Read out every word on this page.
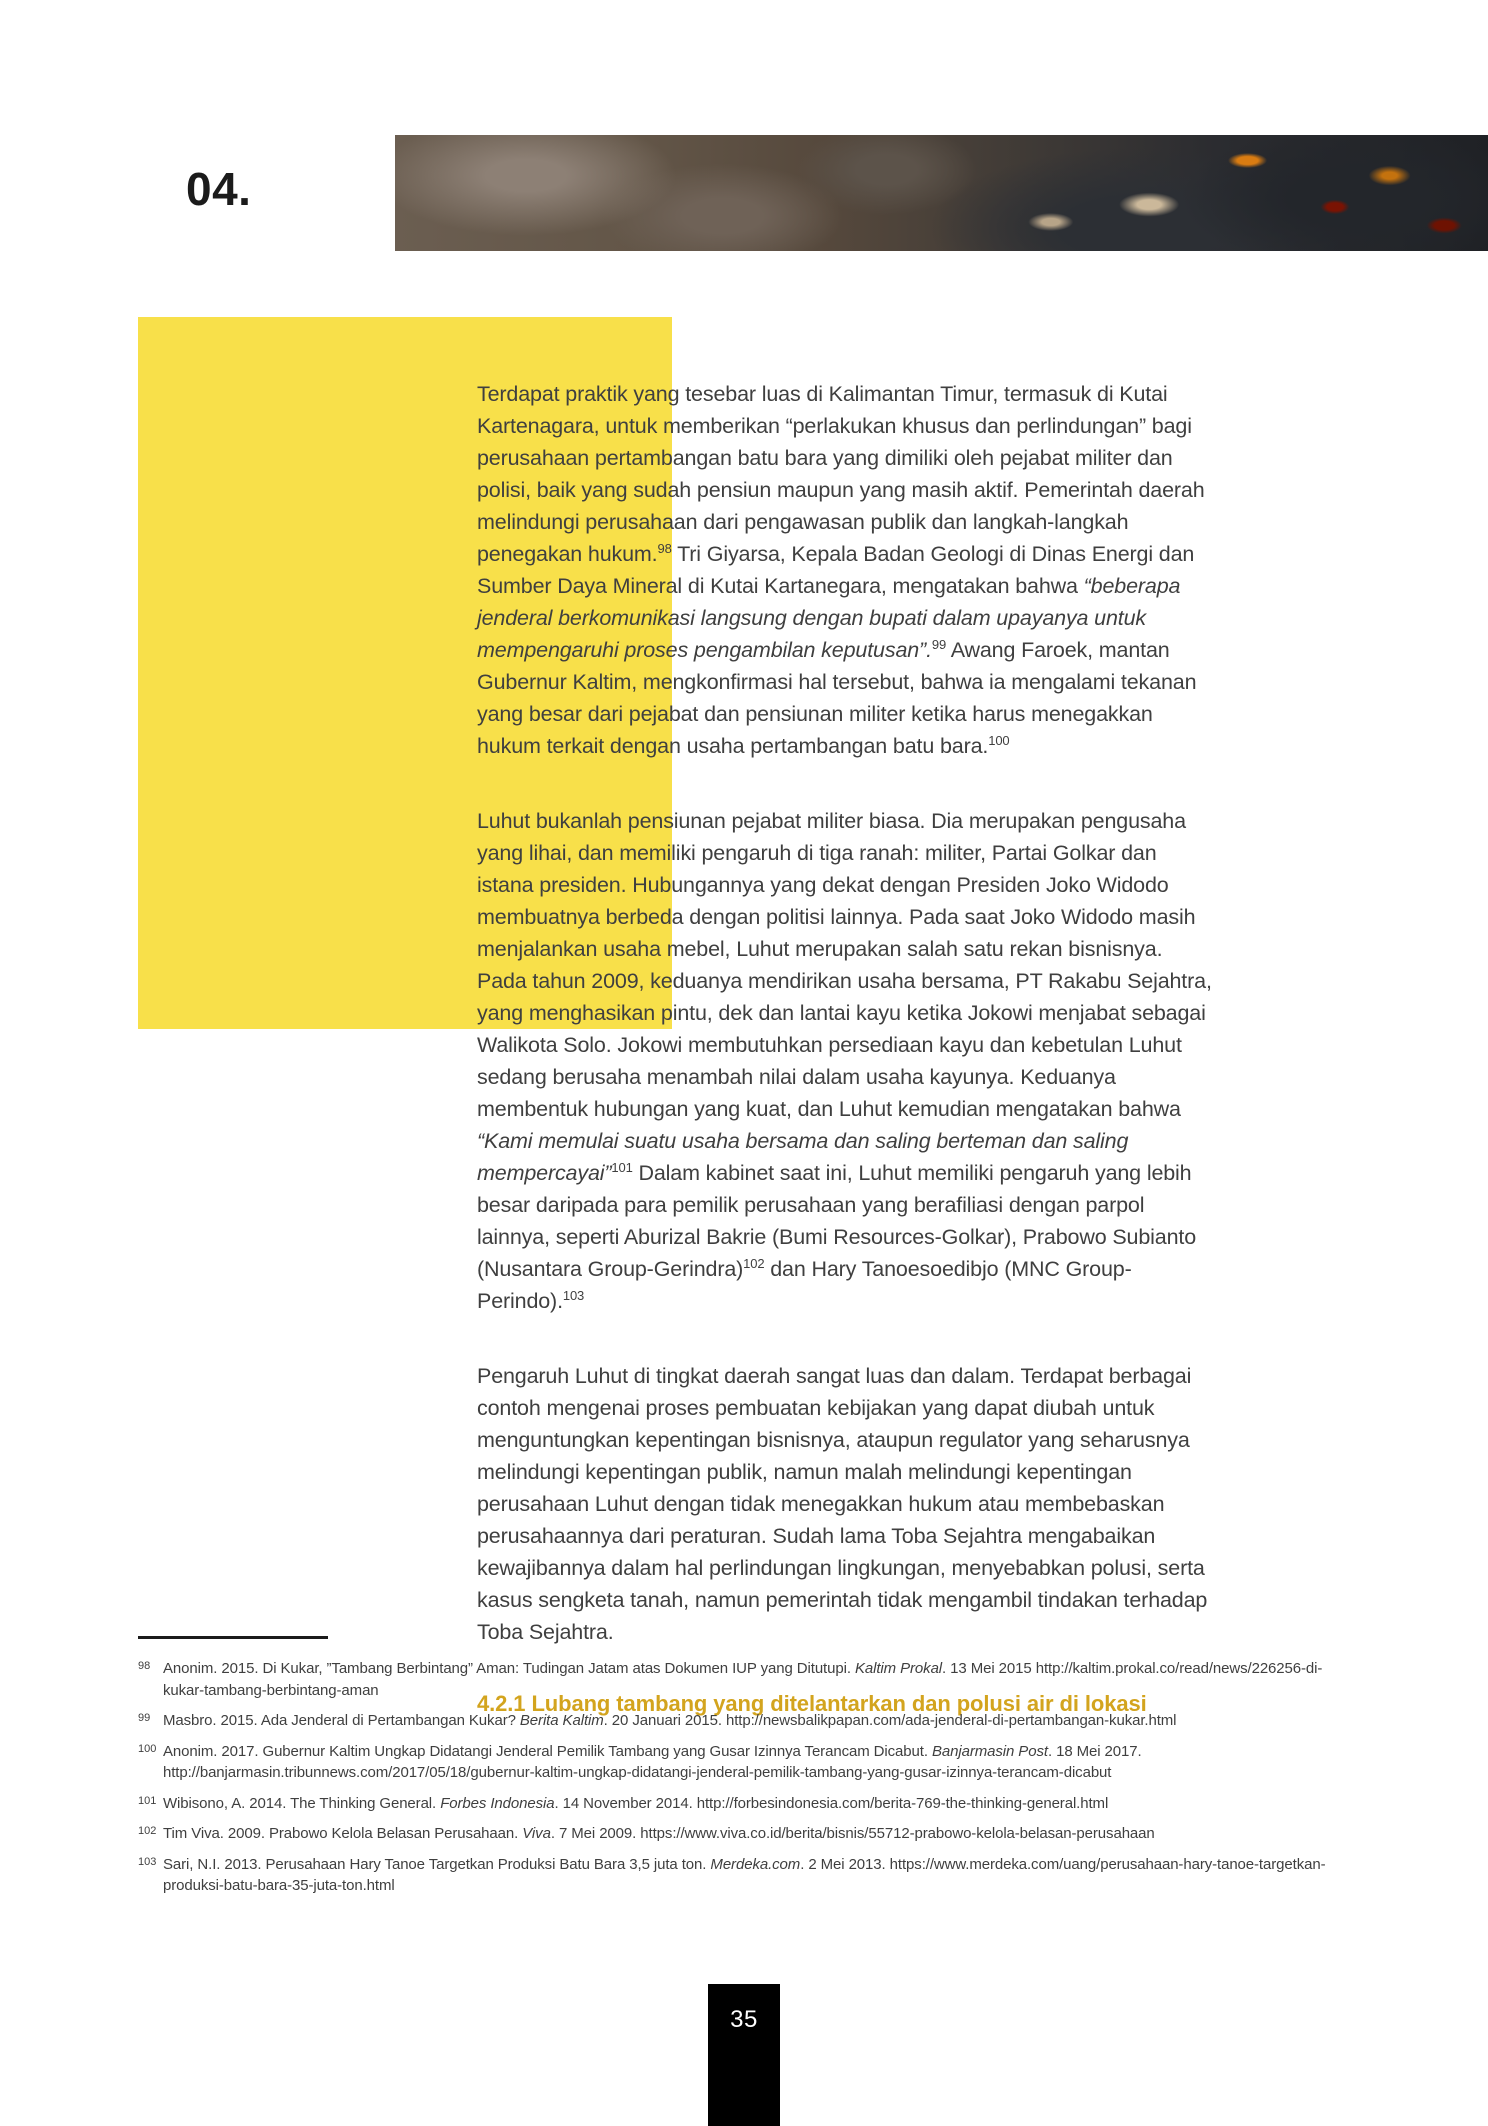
04.

Terdapat praktik yang tesebar luas di Kalimantan Timur, termasuk di Kutai Kartenagara, untuk memberikan “perlakukan khusus dan perlindungan” bagi perusahaan pertambangan batu bara yang dimiliki oleh pejabat militer dan polisi, baik yang sudah pensiun maupun yang masih aktif. Pemerintah daerah melindungi perusahaan dari pengawasan publik dan langkah-langkah penegakan hukum.$^{98}$ Tri Giyarsa, Kepala Badan Geologi di Dinas Energi dan Sumber Daya Mineral di Kutai Kartanegara, mengatakan bahwa “beberapa jenderal berkomunikasi langsung dengan bupati dalam upayanya untuk mempengaruhi proses pengambilan keputusan”.$^{99}$ Awang Faroek, mantan Gubernur Kaltim, mengkonfirmasi hal tersebut, bahwa ia mengalami tekanan yang besar dari pejabat dan pensiunan militer ketika harus menegakkan hukum terkait dengan usaha pertambangan batu bara.$^{100}$

Luhut bukanlah pensiunan pejabat militer biasa. Dia merupakan pengusaha yang lihai, dan memiliki pengaruh di tiga ranah: militer, Partai Golkar dan istana presiden. Hubungannya yang dekat dengan Presiden Joko Widodo membuatnya berbeda dengan politisi lainnya. Pada saat Joko Widodo masih menjalankan usaha mebel, Luhut merupakan salah satu rekan bisnisnya. Pada tahun 2009, keduanya mendirikan usaha bersama, PT Rakabu Sejahtra, yang menghasikan pintu, dek dan lantai kayu ketika Jokowi menjabat sebagai Walikota Solo. Jokowi membutuhkan persediaan kayu dan kebetulan Luhut sedang berusaha menambah nilai dalam usaha kayunya. Keduanya membentuk hubungan yang kuat, dan Luhut kemudian mengatakan bahwa “Kami memulai suatu usaha bersama dan saling berteman dan saling mempercayai”$^{101}$ Dalam kabinet saat ini, Luhut memiliki pengaruh yang lebih besar daripada para pemilik perusahaan yang berafiliasi dengan parpol lainnya, seperti Aburizal Bakrie (Bumi Resources-Golkar), Prabowo Subianto (Nusantara Group-Gerindra)$^{102}$ dan Hary Tanoesoedibjo (MNC Group-Perindo).$^{103}$

Pengaruh Luhut di tingkat daerah sangat luas dan dalam. Terdapat berbagai contoh mengenai proses pembuatan kebijakan yang dapat diubah untuk menguntungkan kepentingan bisnisnya, ataupun regulator yang seharusnya melindungi kepentingan publik, namun malah melindungi kepentingan perusahaan Luhut dengan tidak menegakkan hukum atau membebaskan perusahaannya dari peraturan. Sudah lama Toba Sejahtra mengabaikan kewajibannya dalam hal perlindungan lingkungan, menyebabkan polusi, serta kasus sengketa tanah, namun pemerintah tidak mengambil tindakan terhadap Toba Sejahtra.

4.2.1 Lubang tambang yang ditelantarkan dan polusi air di lokasi
98 Anonim. 2015. Di Kukar, ”Tambang Berbintang” Aman: Tudingan Jatam atas Dokumen IUP yang Ditutupi. Kaltim Prokal. 13 Mei 2015 http://kaltim.prokal.co/read/news/226256-di-kukar-tambang-berbintang-aman
99 Masbro. 2015. Ada Jenderal di Pertambangan Kukar? Berita Kaltim. 20 Januari 2015. http://newsbalikpapan.com/ada-jenderal-di-pertambangan-kukar.html
100 Anonim. 2017. Gubernur Kaltim Ungkap Didatangi Jenderal Pemilik Tambang yang Gusar Izinnya Terancam Dicabut. Banjarmasin Post. 18 Mei 2017. http://banjarmasin.tribunnews.com/2017/05/18/gubernur-kaltim-ungkap-didatangi-jenderal-pemilik-tambang-yang-gusar-izinnya-terancam-dicabut
101 Wibisono, A. 2014. The Thinking General. Forbes Indonesia. 14 November 2014. http://forbesindonesia.com/berita-769-the-thinking-general.html
102 Tim Viva. 2009. Prabowo Kelola Belasan Perusahaan. Viva. 7 Mei 2009. https://www.viva.co.id/berita/bisnis/55712-prabowo-kelola-belasan-perusahaan
103 Sari, N.I. 2013. Perusahaan Hary Tanoe Targetkan Produksi Batu Bara 3,5 juta ton. Merdeka.com. 2 Mei 2013. https://www.merdeka.com/uang/perusahaan-hary-tanoe-targetkan-produksi-batu-bara-35-juta-ton.html
35
